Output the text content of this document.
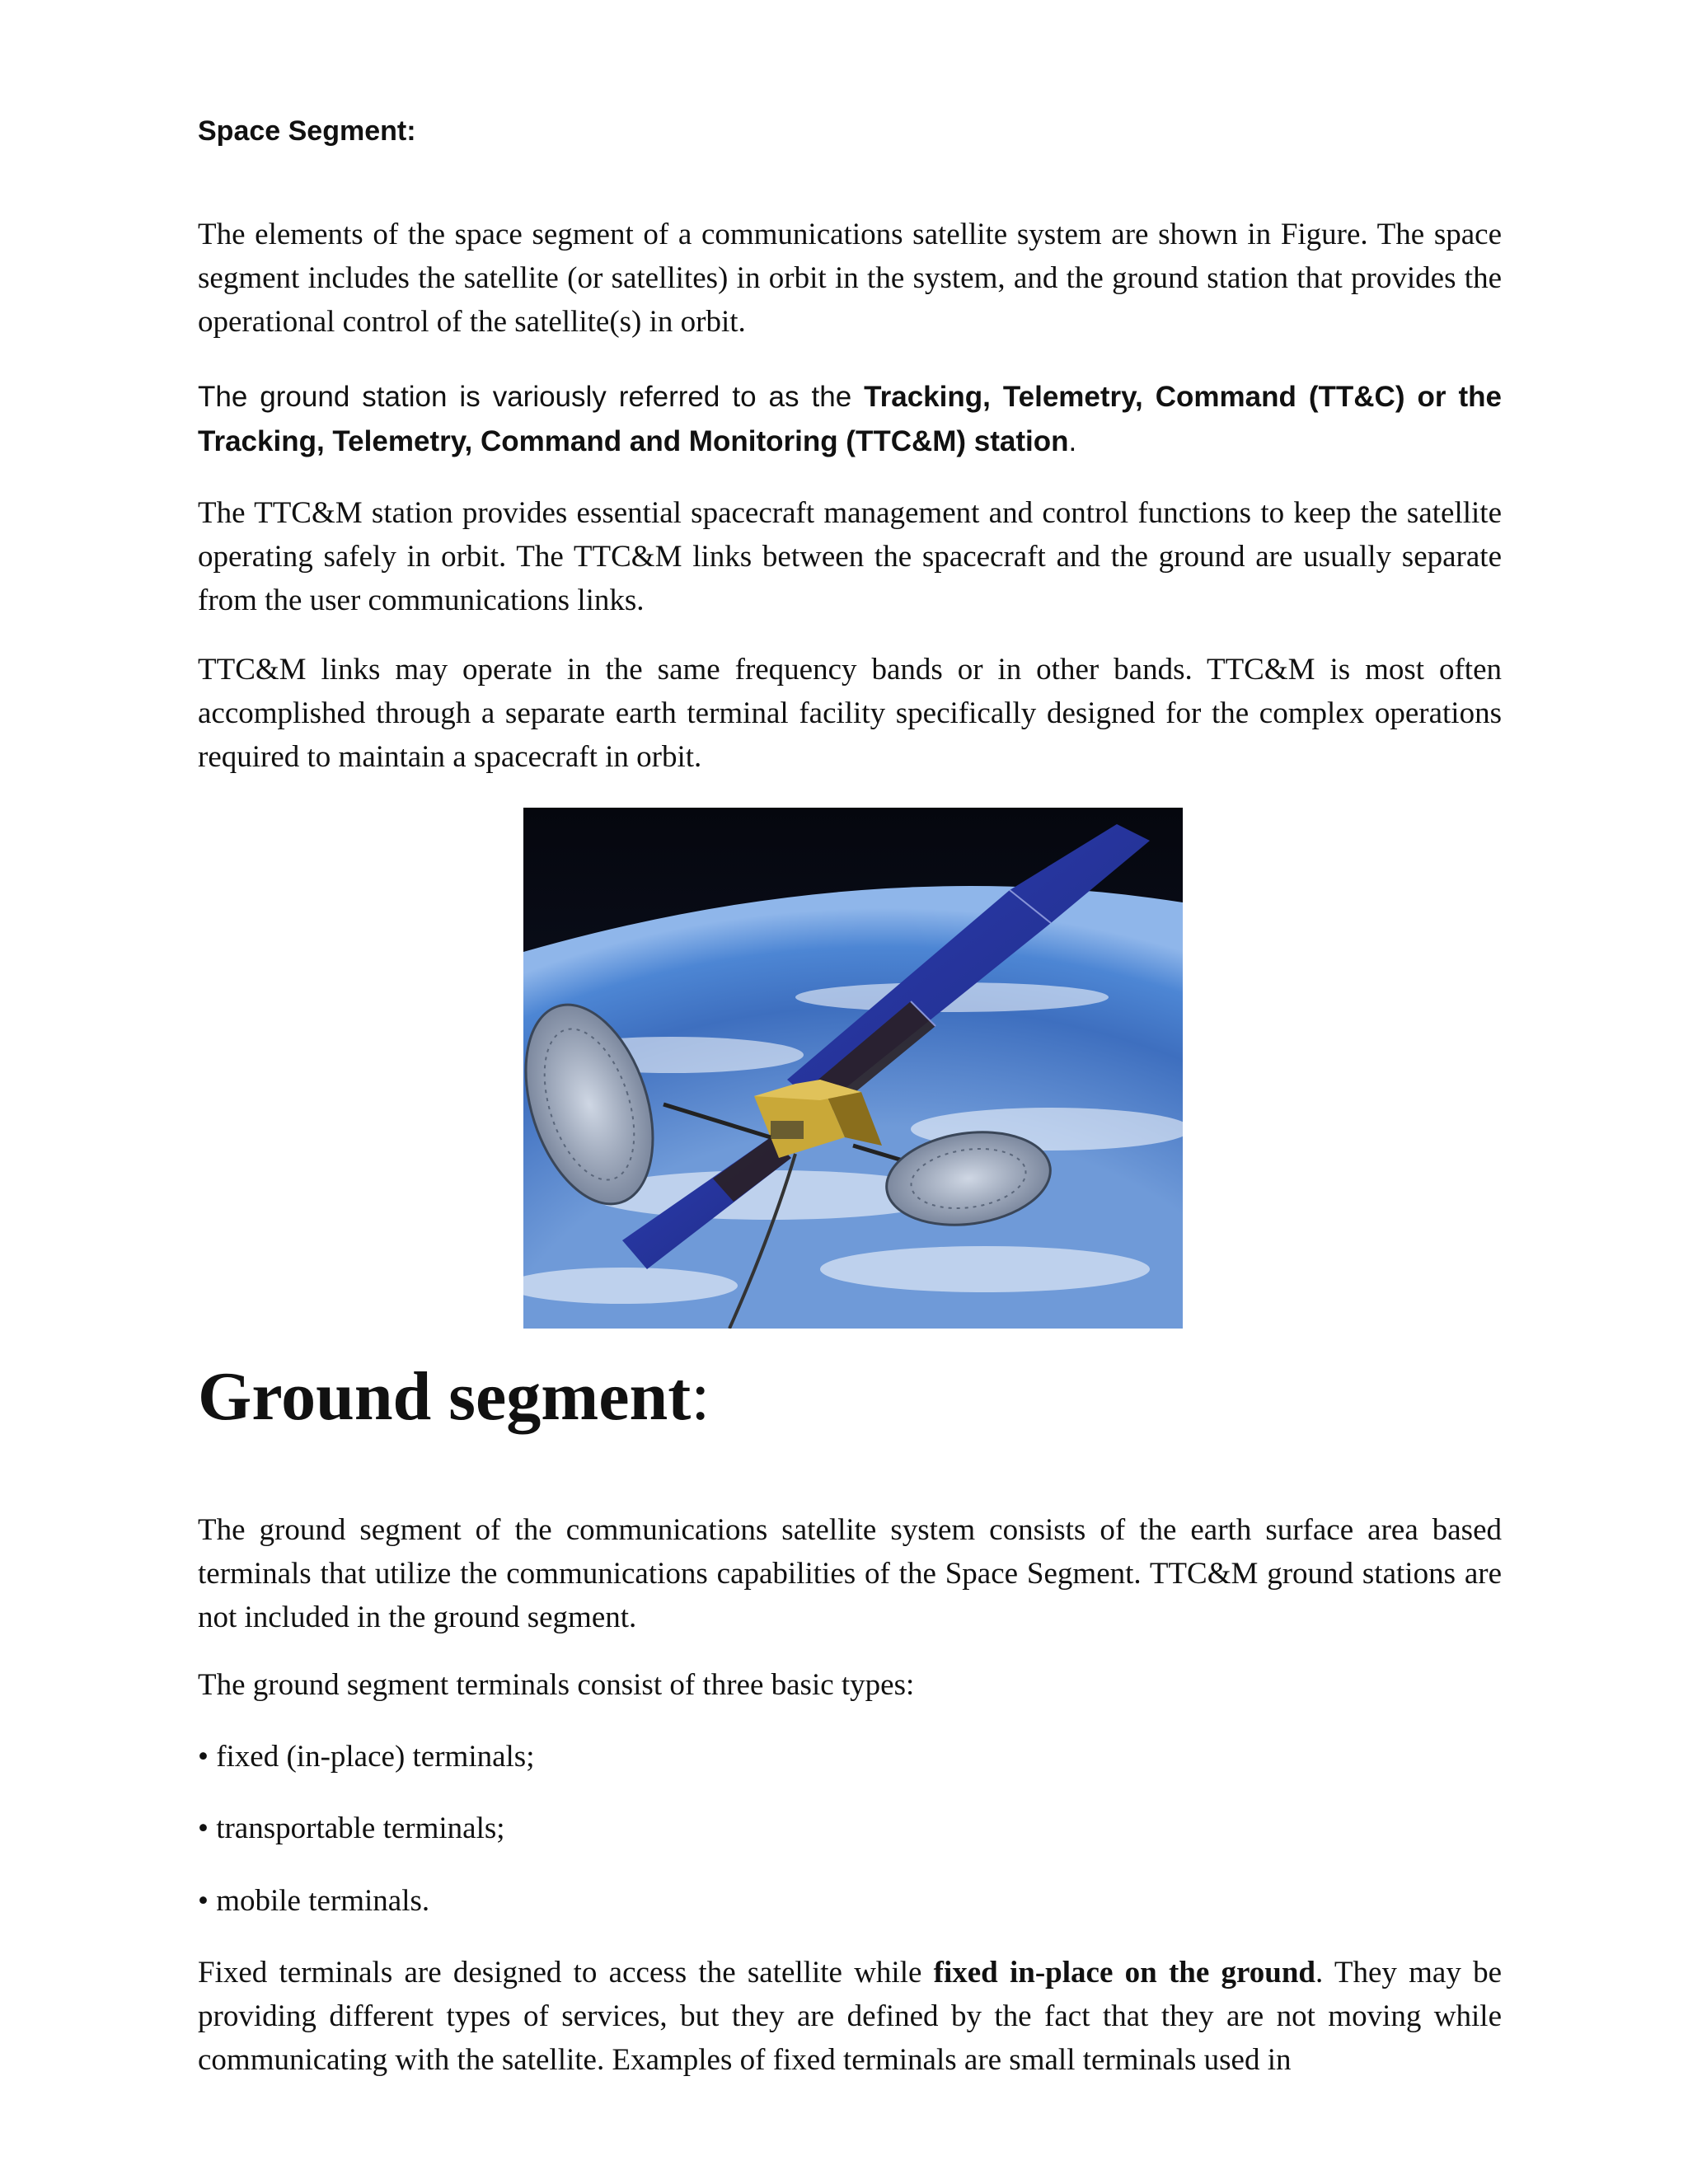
Space Segment:

The elements of the space segment of a communications satellite system are shown in Figure. The space segment includes the satellite (or satellites) in orbit in the system, and the ground station that provides the operational control of the satellite(s) in orbit.

The ground station is variously referred to as the Tracking, Telemetry, Command (TT&C) or the Tracking, Telemetry, Command and Monitoring (TTC&M) station.

The TTC&M station provides essential spacecraft management and control functions to keep the satellite operating safely in orbit. The TTC&M links between the spacecraft and the ground are usually separate from the user communications links.

TTC&M links may operate in the same frequency bands or in other bands. TTC&M is most often accomplished through a separate earth terminal facility specifically designed for the complex operations required to maintain a spacecraft in orbit.

Ground segment:

The ground segment of the communications satellite system consists of the earth surface area based terminals that utilize the communications capabilities of the Space Segment. TTC&M ground stations are not included in the ground segment.

The ground segment terminals consist of three basic types:

• fixed (in-place) terminals;

• transportable terminals;

• mobile terminals.

Fixed terminals are designed to access the satellite while fixed in-place on the ground. They may be providing different types of services, but they are defined by the fact that they are not moving while communicating with the satellite. Examples of fixed terminals are small terminals used in
